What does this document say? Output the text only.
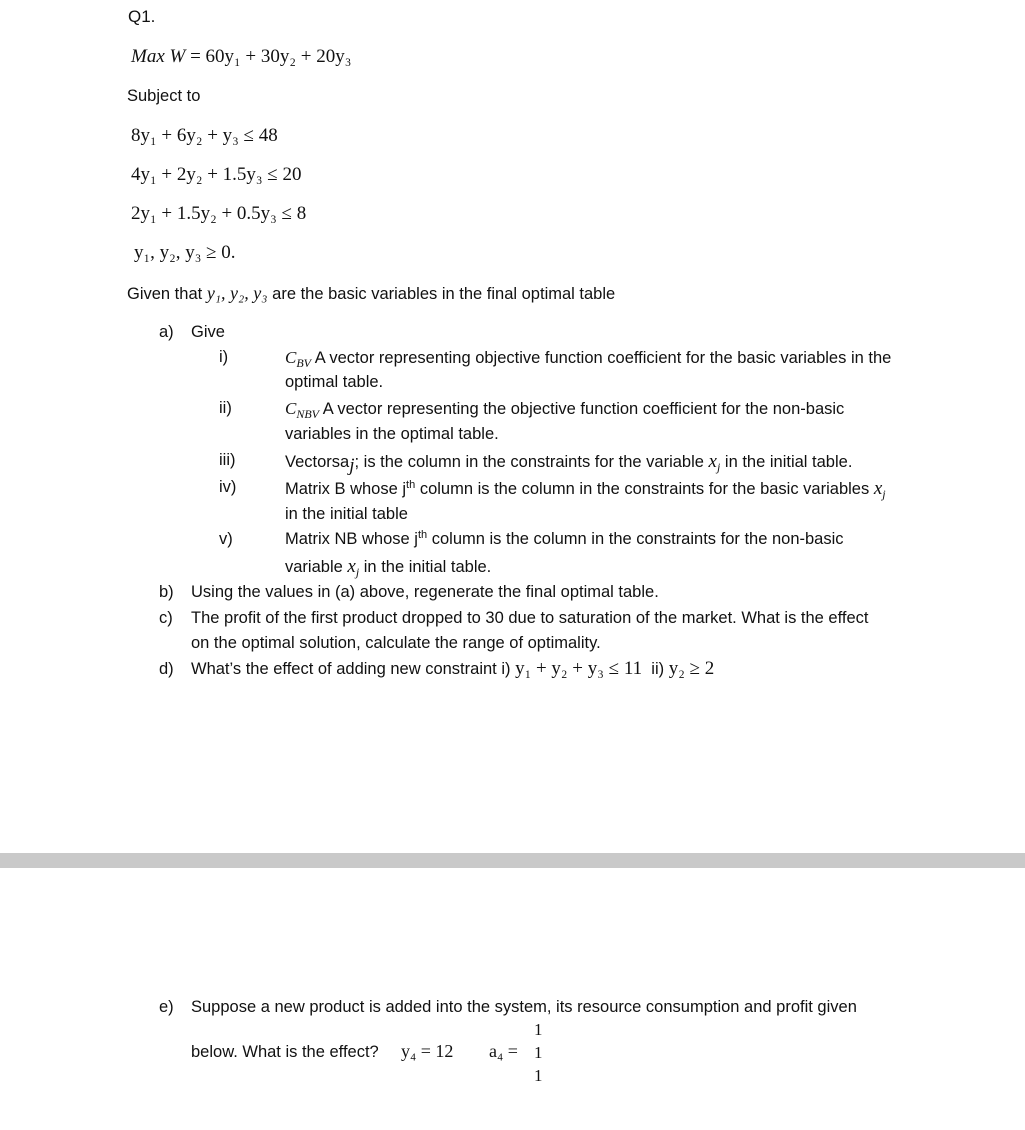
Q1.
Max W = 60y₁ + 30y₂ + 20y₃
Subject to
8y₁ + 6y₂ + y₃ ≤ 48
4y₁ + 2y₂ + 1.5y₃ ≤ 20
2y₁ + 1.5y₂ + 0.5y₃ ≤ 8
y₁, y₂, y₃ ≥ 0.
Given that y₁, y₂, y₃ are the basic variables in the final optimal table
a) Give
i)	$C_{BV}$ A vector representing objective function coefficient for the basic variables in the
optimal table.
ii)	$C_{NBV}$ A vector representing the objective function coefficient for the non-basic
variables in the optimal table.
iii)	Vectorsa$_j$; is the column in the constraints for the variable $x_j$ in the initial table.
iv)	Matrix B whose $j^{th}$ column is the column in the constraints for the basic variables $x_j$
in the initial table
v)	Matrix NB whose $j^{th}$ column is the column in the constraints for the non-basic
variable $x_j$ in the initial table.
b) Using the values in (a) above, regenerate the final optimal table.
c) The profit of the first product dropped to 30 due to saturation of the market. What is the effect
on the optimal solution, calculate the range of optimality.
d) What’s the effect of adding new constraint i) y₁ + y₂ + y₃ ≤ 11 ii) y₂ ≥ 2
e) Suppose a new product is added into the system, its resource consumption and profit given
1
below. What is the effect? y₄ = 12 a₄ = 1
1
